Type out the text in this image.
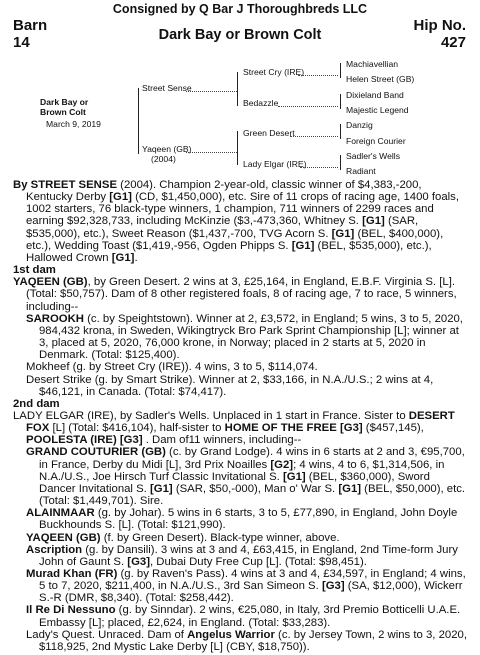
Consigned by Q Bar J Thoroughbreds LLC
Barn
14
Hip No.
427
Dark Bay or Brown Colt
Dark Bay or
Brown Colt
March 9, 2019
Street Sense
Yaqeen (GB)
(2004)
Street Cry (IRE)
Bedazzle
Green Desert
Lady Elgar (IRE)
Machiavellian
Helen Street (GB)
Dixieland Band
Majestic Legend
Danzig
Foreign Courier
Sadler's Wells
Radiant

By STREET SENSE (2004). Champion 2-year-old, classic winner of $4,383,-200, Kentucky Derby [G1] (CD, $1,450,000), etc. Sire of 11 crops of racing age, 1400 foals, 1002 starters, 76 black-type winners, 1 champion, 711 winners of 2299 races and earning $92,328,733, including McKinzie ($3,-473,360, Whitney S. [G1] (SAR, $535,000), etc.), Sweet Reason ($1,437,-700, TVG Acorn S. [G1] (BEL, $400,000), etc.), Wedding Toast ($1,419,-956, Ogden Phipps S. [G1] (BEL, $535,000), etc.), Hallowed Crown [G1].

1st dam

YAQEEN (GB), by Green Desert. 2 wins at 3, £25,164, in England, E.B.F. Virginia S. [L]. (Total: $50,757). Dam of 8 other registered foals, 8 of racing age, 7 to race, 5 winners, including--

SAROOKH (c. by Speightstown). Winner at 2, £3,572, in England; 5 wins, 3 to 5, 2020, 984,432 krona, in Sweden, Wikingtryck Bro Park Sprint Championship [L]; winner at 3, placed at 5, 2020, 76,000 krone, in Norway; placed in 2 starts at 5, 2020 in Denmark. (Total: $125,400).

Mokheef (g. by Street Cry (IRE)). 4 wins, 3 to 5, $114,074.

Desert Strike (g. by Smart Strike). Winner at 2, $33,166, in N.A./U.S.; 2 wins at 4, $46,121, in Canada. (Total: $74,417).

2nd dam

LADY ELGAR (IRE), by Sadler's Wells. Unplaced in 1 start in France. Sister to DESERT FOX [L] (Total: $416,104), half-sister to HOME OF THE FREE [G3] ($457,145), POOLESTA (IRE) [G3] . Dam of11 winners, including--

GRAND COUTURIER (GB) (c. by Grand Lodge). 4 wins in 6 starts at 2 and 3, €95,700, in France, Derby du Midi [L], 3rd Prix Noailles [G2]; 4 wins, 4 to 6, $1,314,506, in N.A./U.S., Joe Hirsch Turf Classic Invitational S. [G1] (BEL, $360,000), Sword Dancer Invitational S. [G1] (SAR, $50,-000), Man o' War S. [G1] (BEL, $50,000), etc. (Total: $1,449,701). Sire.

ALAINMAAR (g. by Johar). 5 wins in 6 starts, 3 to 5, £77,890, in England, John Doyle Buckhounds S. [L]. (Total: $121,990).

YAQEEN (GB) (f. by Green Desert). Black-type winner, above.

Ascription (g. by Dansili). 3 wins at 3 and 4, £63,415, in England, 2nd Time-form Jury John of Gaunt S. [G3], Dubai Duty Free Cup [L]. (Total: $98,451).

Murad Khan (FR) (g. by Raven's Pass). 4 wins at 3 and 4, £34,597, in England; 4 wins, 5 to 7, 2020, $211,400, in N.A./U.S., 3rd San Simeon S. [G3] (SA, $12,000), Wickerr S.-R (DMR, $8,340). (Total: $258,442).

Il Re Di Nessuno (g. by Sinndar). 2 wins, €25,080, in Italy, 3rd Premio Botticelli U.A.E. Embassy [L]; placed, £2,624, in England. (Total: $33,283).

Lady's Quest. Unraced. Dam of Angelus Warrior (c. by Jersey Town, 2 wins to 3, 2020, $118,925, 2nd Mystic Lake Derby [L] (CBY, $18,750)).
